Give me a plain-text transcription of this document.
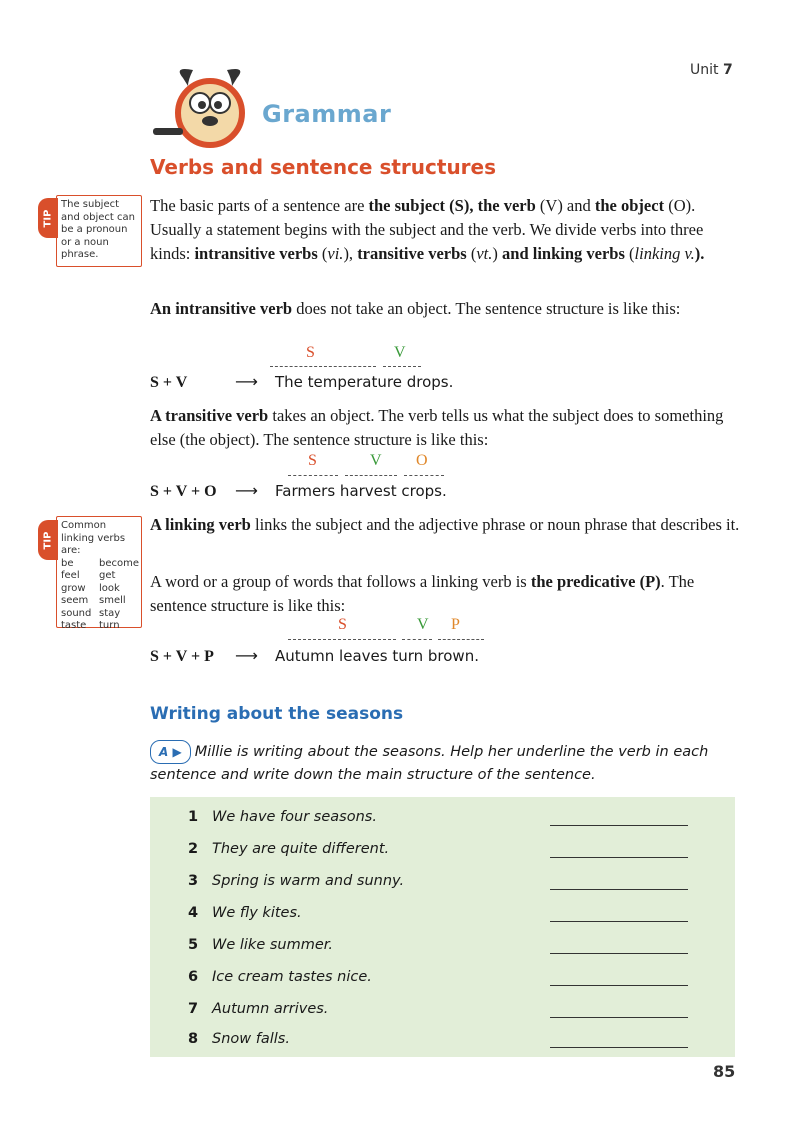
Unit 7
Grammar
Verbs and sentence structures
TIP
The subject and object can be a pronoun or a noun phrase.

The basic parts of a sentence are the subject (S), the verb (V) and the object (O). Usually a statement begins with the subject and the verb. We divide verbs into three kinds: intransitive verbs (vi.), transitive verbs (vt.) and linking verbs (linking v.).

An intransitive verb does not take an object. The sentence structure is like this:

S	V
S + V	⟶ The temperature drops.

A transitive verb takes an object. The verb tells us what the subject does to something else (the object). The sentence structure is like this:

S	V O
S + V + O ⟶ Farmers harvest crops.
TIP
Common linking verbs are:
be	become
feel	get
grow	look
seem	smell
sound stay
taste	turn

A linking verb links the subject and the adjective phrase or noun phrase that describes it.

A word or a group of words that follows a linking verb is the predicative (P). The sentence structure is like this:

S	V P
S + V + P ⟶ Autumn leaves turn brown.
Writing about the seasons

A ▶ Millie is writing about the seasons. Help her underline the verb in each sentence and write down the main structure of the sentence.

1 We have four seasons.
2 They are quite different.
3 Spring is warm and sunny.
4 We fly kites.
5 We like summer.
6 Ice cream tastes nice.
7 Autumn arrives.
8 Snow falls.
85
